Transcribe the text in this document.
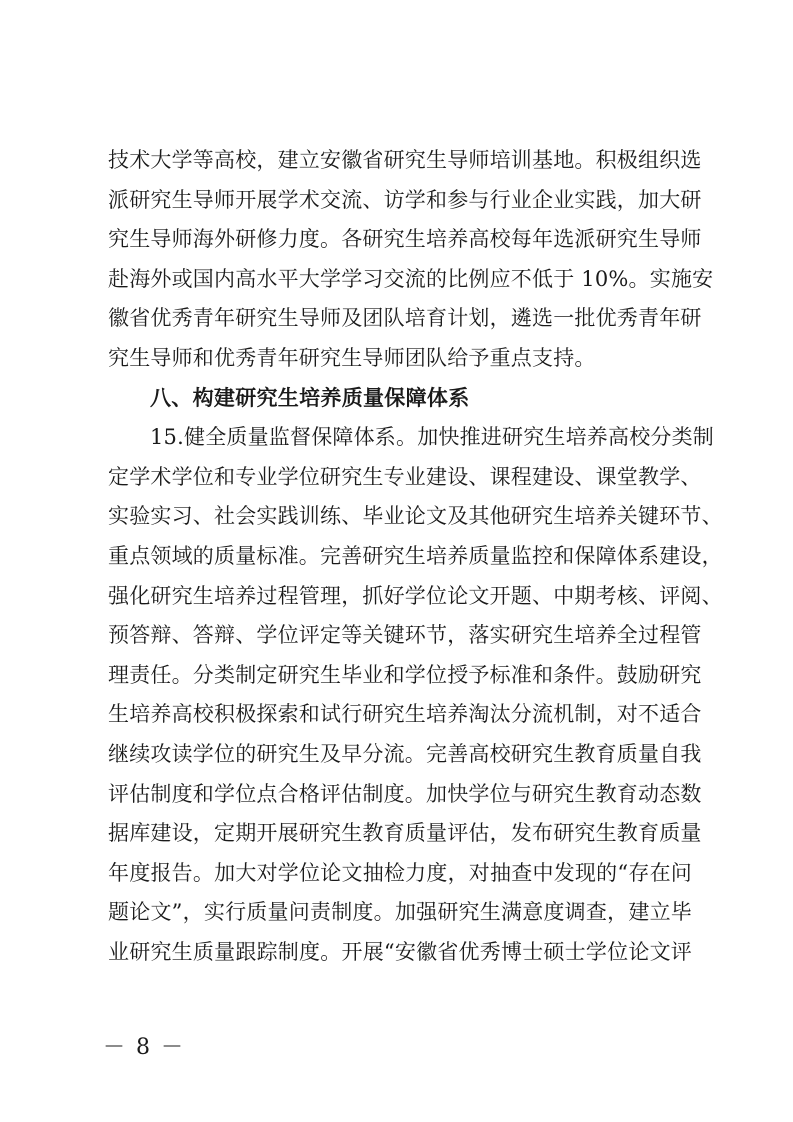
技术大学等高校，建立安徽省研究生导师培训基地。积极组织选
派研究生导师开展学术交流、访学和参与行业企业实践，加大研
究生导师海外研修力度。各研究生培养高校每年选派研究生导师
赴海外或国内高水平大学学习交流的比例应不低于 10%。实施安
徽省优秀青年研究生导师及团队培育计划，遴选一批优秀青年研
究生导师和优秀青年研究生导师团队给予重点支持。
八、构建研究生培养质量保障体系
15.健全质量监督保障体系。加快推进研究生培养高校分类制
定学术学位和专业学位研究生专业建设、课程建设、课堂教学、
实验实习、社会实践训练、毕业论文及其他研究生培养关键环节、
重点领域的质量标准。完善研究生培养质量监控和保障体系建设，
强化研究生培养过程管理，抓好学位论文开题、中期考核、评阅、
预答辩、答辩、学位评定等关键环节，落实研究生培养全过程管
理责任。分类制定研究生毕业和学位授予标准和条件。鼓励研究
生培养高校积极探索和试行研究生培养淘汰分流机制，对不适合
继续攻读学位的研究生及早分流。完善高校研究生教育质量自我
评估制度和学位点合格评估制度。加快学位与研究生教育动态数
据库建设，定期开展研究生教育质量评估，发布研究生教育质量
年度报告。加大对学位论文抽检力度，对抽查中发现的“存在问
题论文”，实行质量问责制度。加强研究生满意度调查，建立毕
业研究生质量跟踪制度。开展“安徽省优秀博士硕士学位论文评
－ 8 －
